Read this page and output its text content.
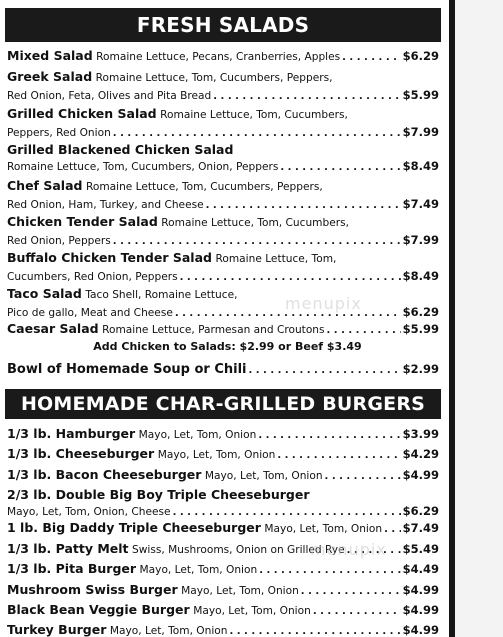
FRESH SALADS
Mixed Salad
Romaine Lettuce, Pecans, Cranberries, Apples . . .	$6.29
Greek Salad
Romaine Lettuce, Tom, Cucumbers, Peppers,
Red Onion, Feta, Olives and Pita Bread . . .	$5.99
Grilled Chicken Salad
Romaine Lettuce, Tom, Cucumbers,
Peppers, Red Onion . . .	$7.99
Grilled Blackened Chicken Salad
Romaine Lettuce, Tom, Cucumbers, Onion, Peppers . . .	$8.49
Chef Salad
Romaine Lettuce, Tom, Cucumbers, Peppers,
Red Onion, Ham, Turkey, and Cheese . . .	$7.49
Chicken Tender Salad
Romaine Lettuce, Tom, Cucumbers,
Red Onion, Peppers . . .	$7.99
Buffalo Chicken Tender Salad
Romaine Lettuce, Tom,
Cucumbers, Red Onion, Peppers . . .	$8.49
Taco Salad
Taco Shell, Romaine Lettuce,
Pico de gallo, Meat and Cheese . . .	$6.29
Caesar Salad
Romaine Lettuce, Parmesan and Croutons . . .	$5.99
Add Chicken to Salads: $2.99 or Beef $3.49
Bowl of Homemade Soup or Chili . . .	$2.99
HOMEMADE CHAR-GRILLED BURGERS
1/3 lb. Hamburger
Mayo, Let, Tom, Onion . . .	$3.99
1/3 lb. Cheeseburger
Mayo, Let, Tom, Onion . . .	$4.29
1/3 lb. Bacon Cheeseburger
Mayo, Let, Tom, Onion . . .	$4.99
2/3 lb. Double Big Boy Triple Cheeseburger
Mayo, Let, Tom, Onion, Cheese . . .	$6.29
1 lb. Big Daddy Triple Cheeseburger
Mayo, Let, Tom, Onion . . . $7.49
1/3 lb. Patty Melt
Swiss, Mushrooms, Onion on Grilled Rye . . .	$5.49
1/3 lb. Pita Burger
Mayo, Let, Tom, Onion . . .	$4.49
Mushroom Swiss Burger
Mayo, Let, Tom, Onion . . .	$4.99
Black Bean Veggie Burger
Mayo, Let, Tom, Onion . . .	$4.99
Turkey Burger
Mayo, Let, Tom, Onion . . .	$4.99
menupix
menupix
